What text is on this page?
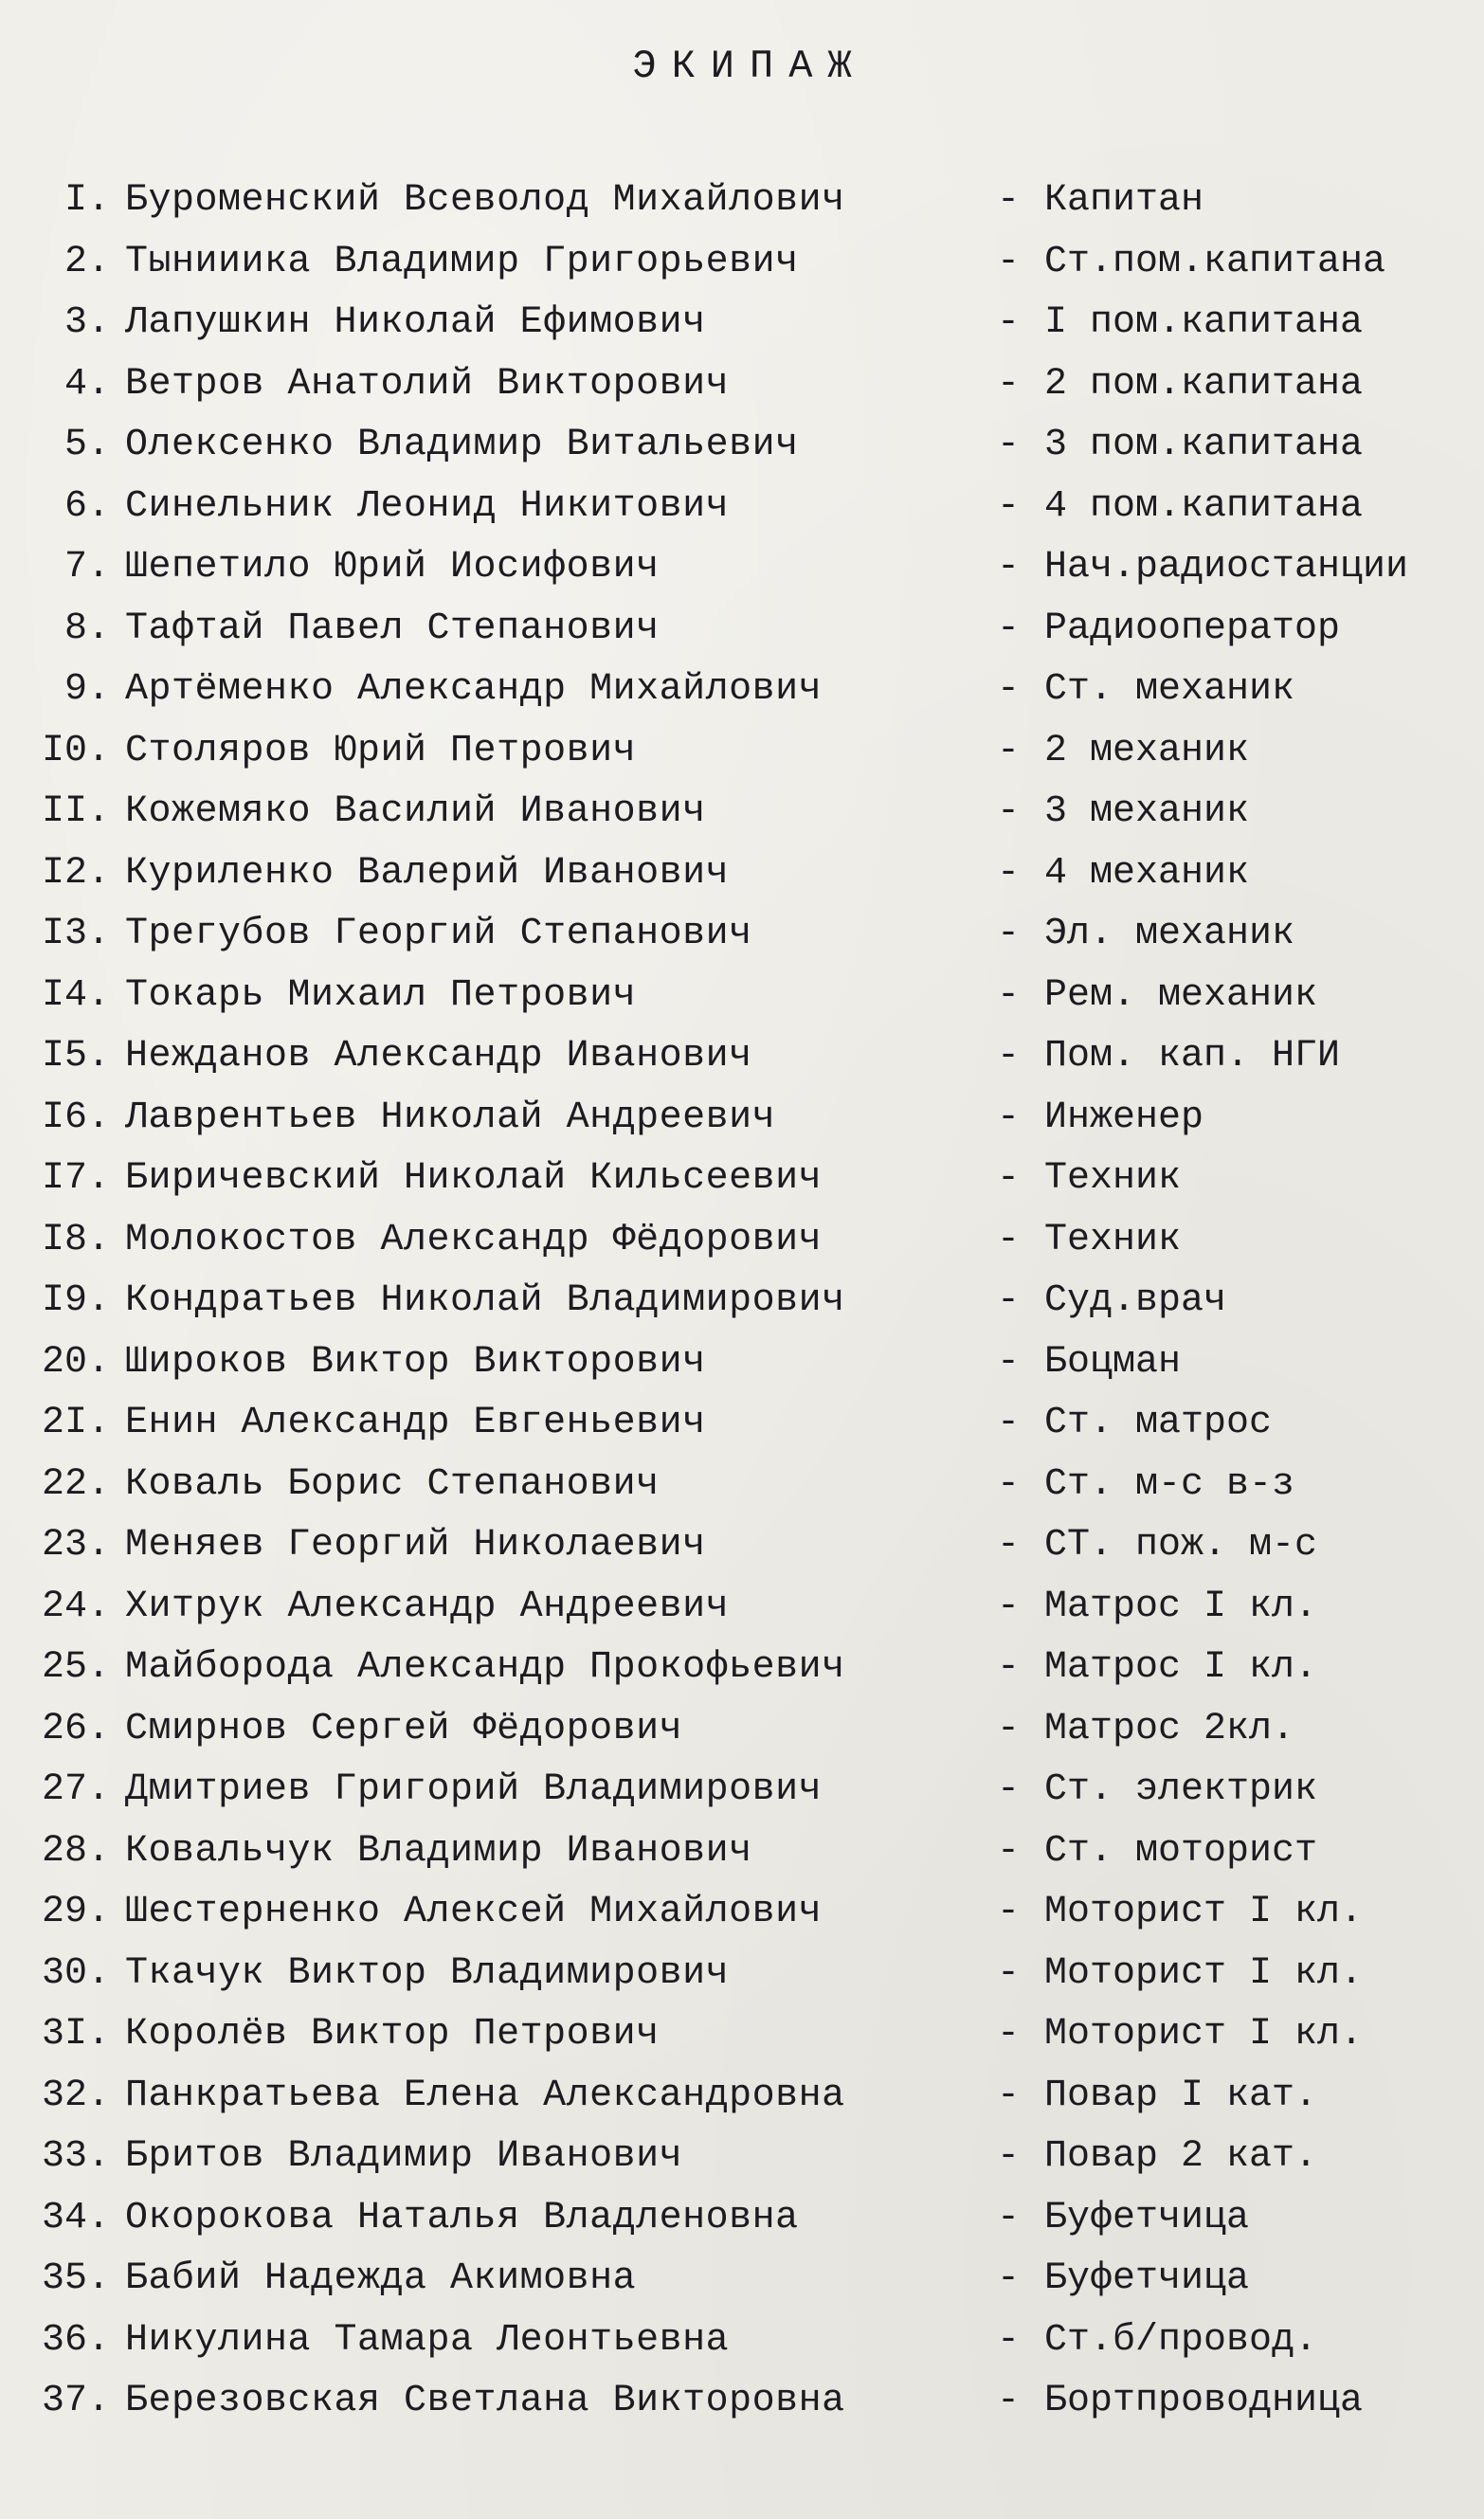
ЭКИПАЖ
I. Буроменский Всеволод Михайлович	- Капитан
2. Тынииика Владимир Григорьевич	- Ст.пом.капитана
3. Лапушкин Николай Ефимович	- I пом.капитана
4. Ветров Анатолий Викторович	- 2 пом.капитана
5. Олексенко Владимир Витальевич	- 3 пом.капитана
6. Синельник Леонид Никитович	- 4 пом.капитана
7. Шепетило Юрий Иосифович	- Нач.радиостанции
8. Тафтай Павел Степанович	- Радиооператор
9. Артёменко Александр Михайлович	- Ст. механик
I0. Столяров Юрий Петрович	- 2 механик
II. Кожемяко Василий Иванович	- 3 механик
I2. Куриленко Валерий Иванович	- 4 механик
I3. Трегубов Георгий Степанович	- Эл. механик
I4. Токарь Михаил Петрович	- Рем. механик
I5. Нежданов Александр Иванович	- Пом. кап. НГИ
I6. Лаврентьев Николай Андреевич	- Инженер
I7. Биричевский Николай Кильсеевич	- Техник
I8. Молокостов Александр Фёдорович	- Техник
I9. Кондратьев Николай Владимирович	- Суд.врач
20. Широков Виктор Викторович	- Боцман
2I. Енин Александр Евгеньевич	- Ст. матрос
22. Коваль Борис Степанович	- Ст. м-с в-з
23. Меняев Георгий Николаевич	- СТ. пож. м-с
24. Хитрук Александр Андреевич	- Матрос I кл.
25. Майборода Александр Прокофьевич	- Матрос I кл.
26. Смирнов Сергей Фёдорович	- Матрос 2кл.
27. Дмитриев Григорий Владимирович	- Ст. электрик
28. Ковальчук Владимир Иванович	- Ст. моторист
29. Шестерненко Алексей Михайлович	- Моторист I кл.
30. Ткачук Виктор Владимирович	- Моторист I кл.
3I. Королёв Виктор Петрович	- Моторист I кл.
32. Панкратьева Елена Александровна	- Повар I кат.
33. Бритов Владимир Иванович	- Повар 2 кат.
34. Окорокова Наталья Владленовна	- Буфетчица
35. Бабий Надежда Акимовна	- Буфетчица
36. Никулина Тамара Леонтьевна	- Ст.б/провод.
37. Березовская Светлана Викторовна	- Бортпроводница
